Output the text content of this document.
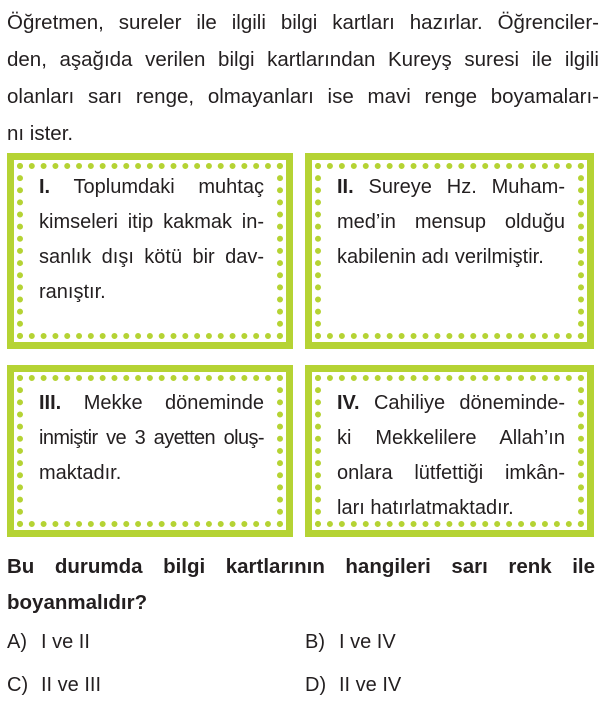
Öğretmen, sureler ile ilgili bilgi kartları hazırlar. Öğrenciler-
den, aşağıda verilen bilgi kartlarından Kureyş suresi ile ilgili
olanları sarı renge, olmayanları ise mavi renge boyamaları-
nı ister.
I. Toplumdaki muhtaç
kimseleri itip kakmak in-
sanlık dışı kötü bir dav-
ranıştır.
II. Sureye Hz. Muham-
med’in mensup olduğu
kabilenin adı verilmiştir.
III. Mekke döneminde
inmiştir ve 3 ayetten oluş-
maktadır.
IV. Cahiliye döneminde-
ki Mekkelilere Allah’ın
onlara lütfettiği imkân-
ları hatırlatmaktadır.
Bu durumda bilgi kartlarının hangileri sarı renk ile
boyanmalıdır?
A) I ve II	B) I ve IV
C) II ve III	D) II ve IV
